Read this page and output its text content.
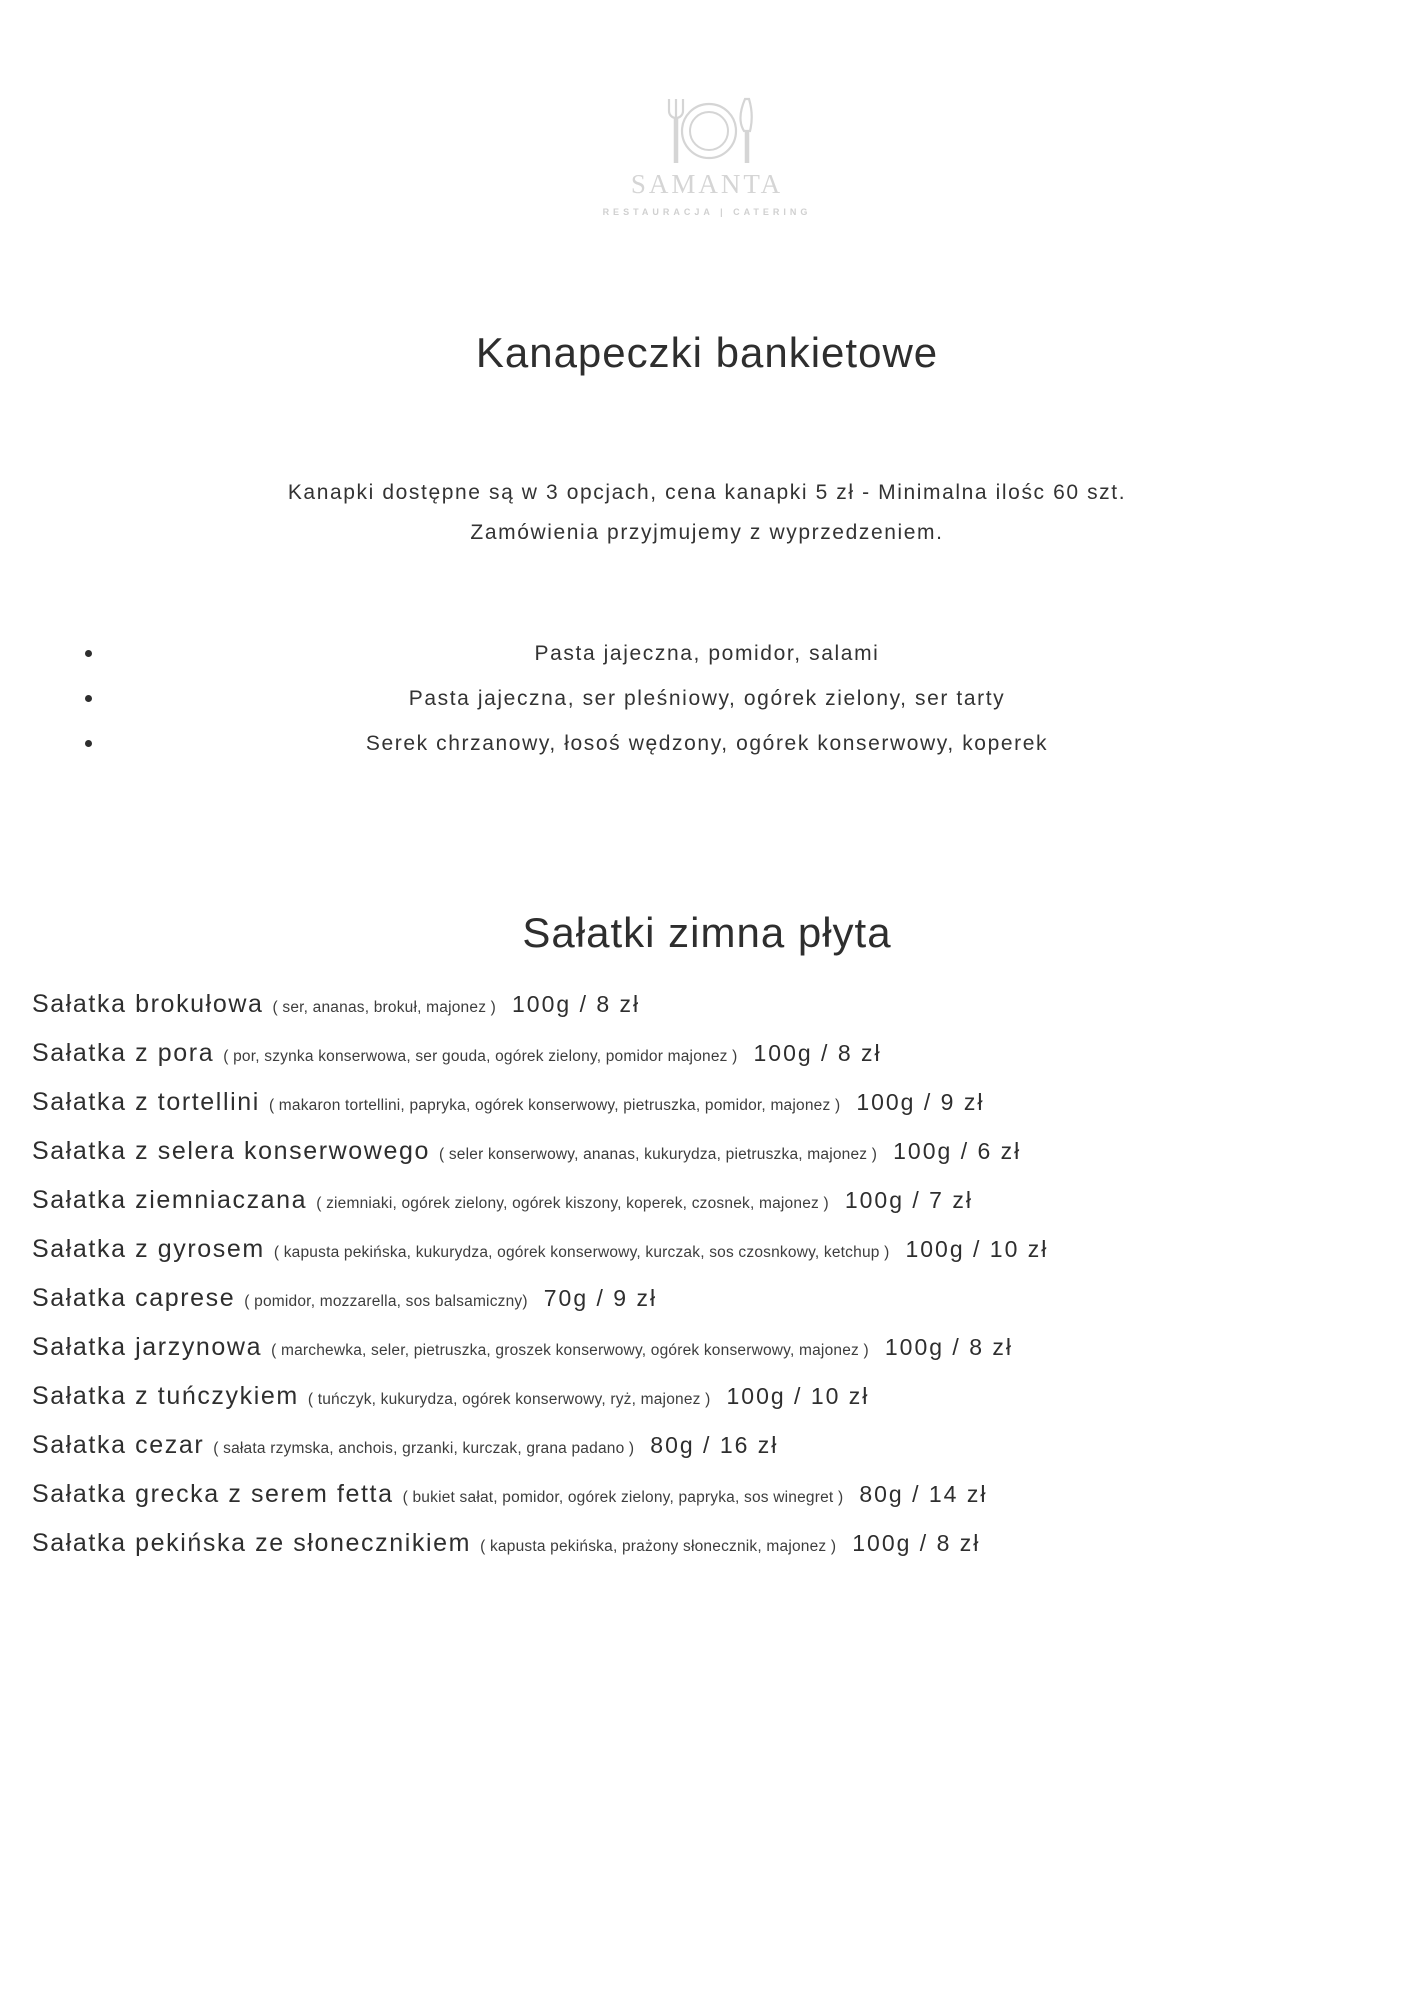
SAMANTA
RESTAURACJA | CATERING
Kanapeczki bankietowe
Kanapki dostępne są w 3 opcjach, cena kanapki 5 zł - Minimalna ilośc 60 szt.
Zamówienia przyjmujemy z wyprzedzeniem.
Pasta jajeczna, pomidor, salami
Pasta jajeczna, ser pleśniowy, ogórek zielony, ser tarty
Serek chrzanowy, łosoś wędzony, ogórek konserwowy, koperek
Sałatki zimna płyta
Sałatka brokułowa ( ser, ananas, brokuł, majonez ) 100g / 8 zł
Sałatka z pora ( por, szynka konserwowa, ser gouda, ogórek zielony, pomidor majonez ) 100g / 8 zł
Sałatka z tortellini ( makaron tortellini, papryka, ogórek konserwowy, pietruszka, pomidor, majonez ) 100g / 9 zł
Sałatka z selera konserwowego ( seler konserwowy, ananas, kukurydza, pietruszka, majonez ) 100g / 6 zł
Sałatka ziemniaczana ( ziemniaki, ogórek zielony, ogórek kiszony, koperek, czosnek, majonez ) 100g / 7 zł
Sałatka z gyrosem ( kapusta pekińska, kukurydza, ogórek konserwowy, kurczak, sos czosnkowy, ketchup ) 100g / 10 zł
Sałatka caprese ( pomidor, mozzarella, sos balsamiczny) 70g / 9 zł
Sałatka jarzynowa ( marchewka, seler, pietruszka, groszek konserwowy, ogórek konserwowy, majonez ) 100g / 8 zł
Sałatka z tuńczykiem ( tuńczyk, kukurydza, ogórek konserwowy, ryż, majonez ) 100g / 10 zł
Sałatka cezar ( sałata rzymska, anchois, grzanki, kurczak, grana padano ) 80g / 16 zł
Sałatka grecka z serem fetta ( bukiet sałat, pomidor, ogórek zielony, papryka, sos winegret ) 80g / 14 zł
Sałatka pekińska ze słonecznikiem ( kapusta pekińska, prażony słonecznik, majonez ) 100g / 8 zł
